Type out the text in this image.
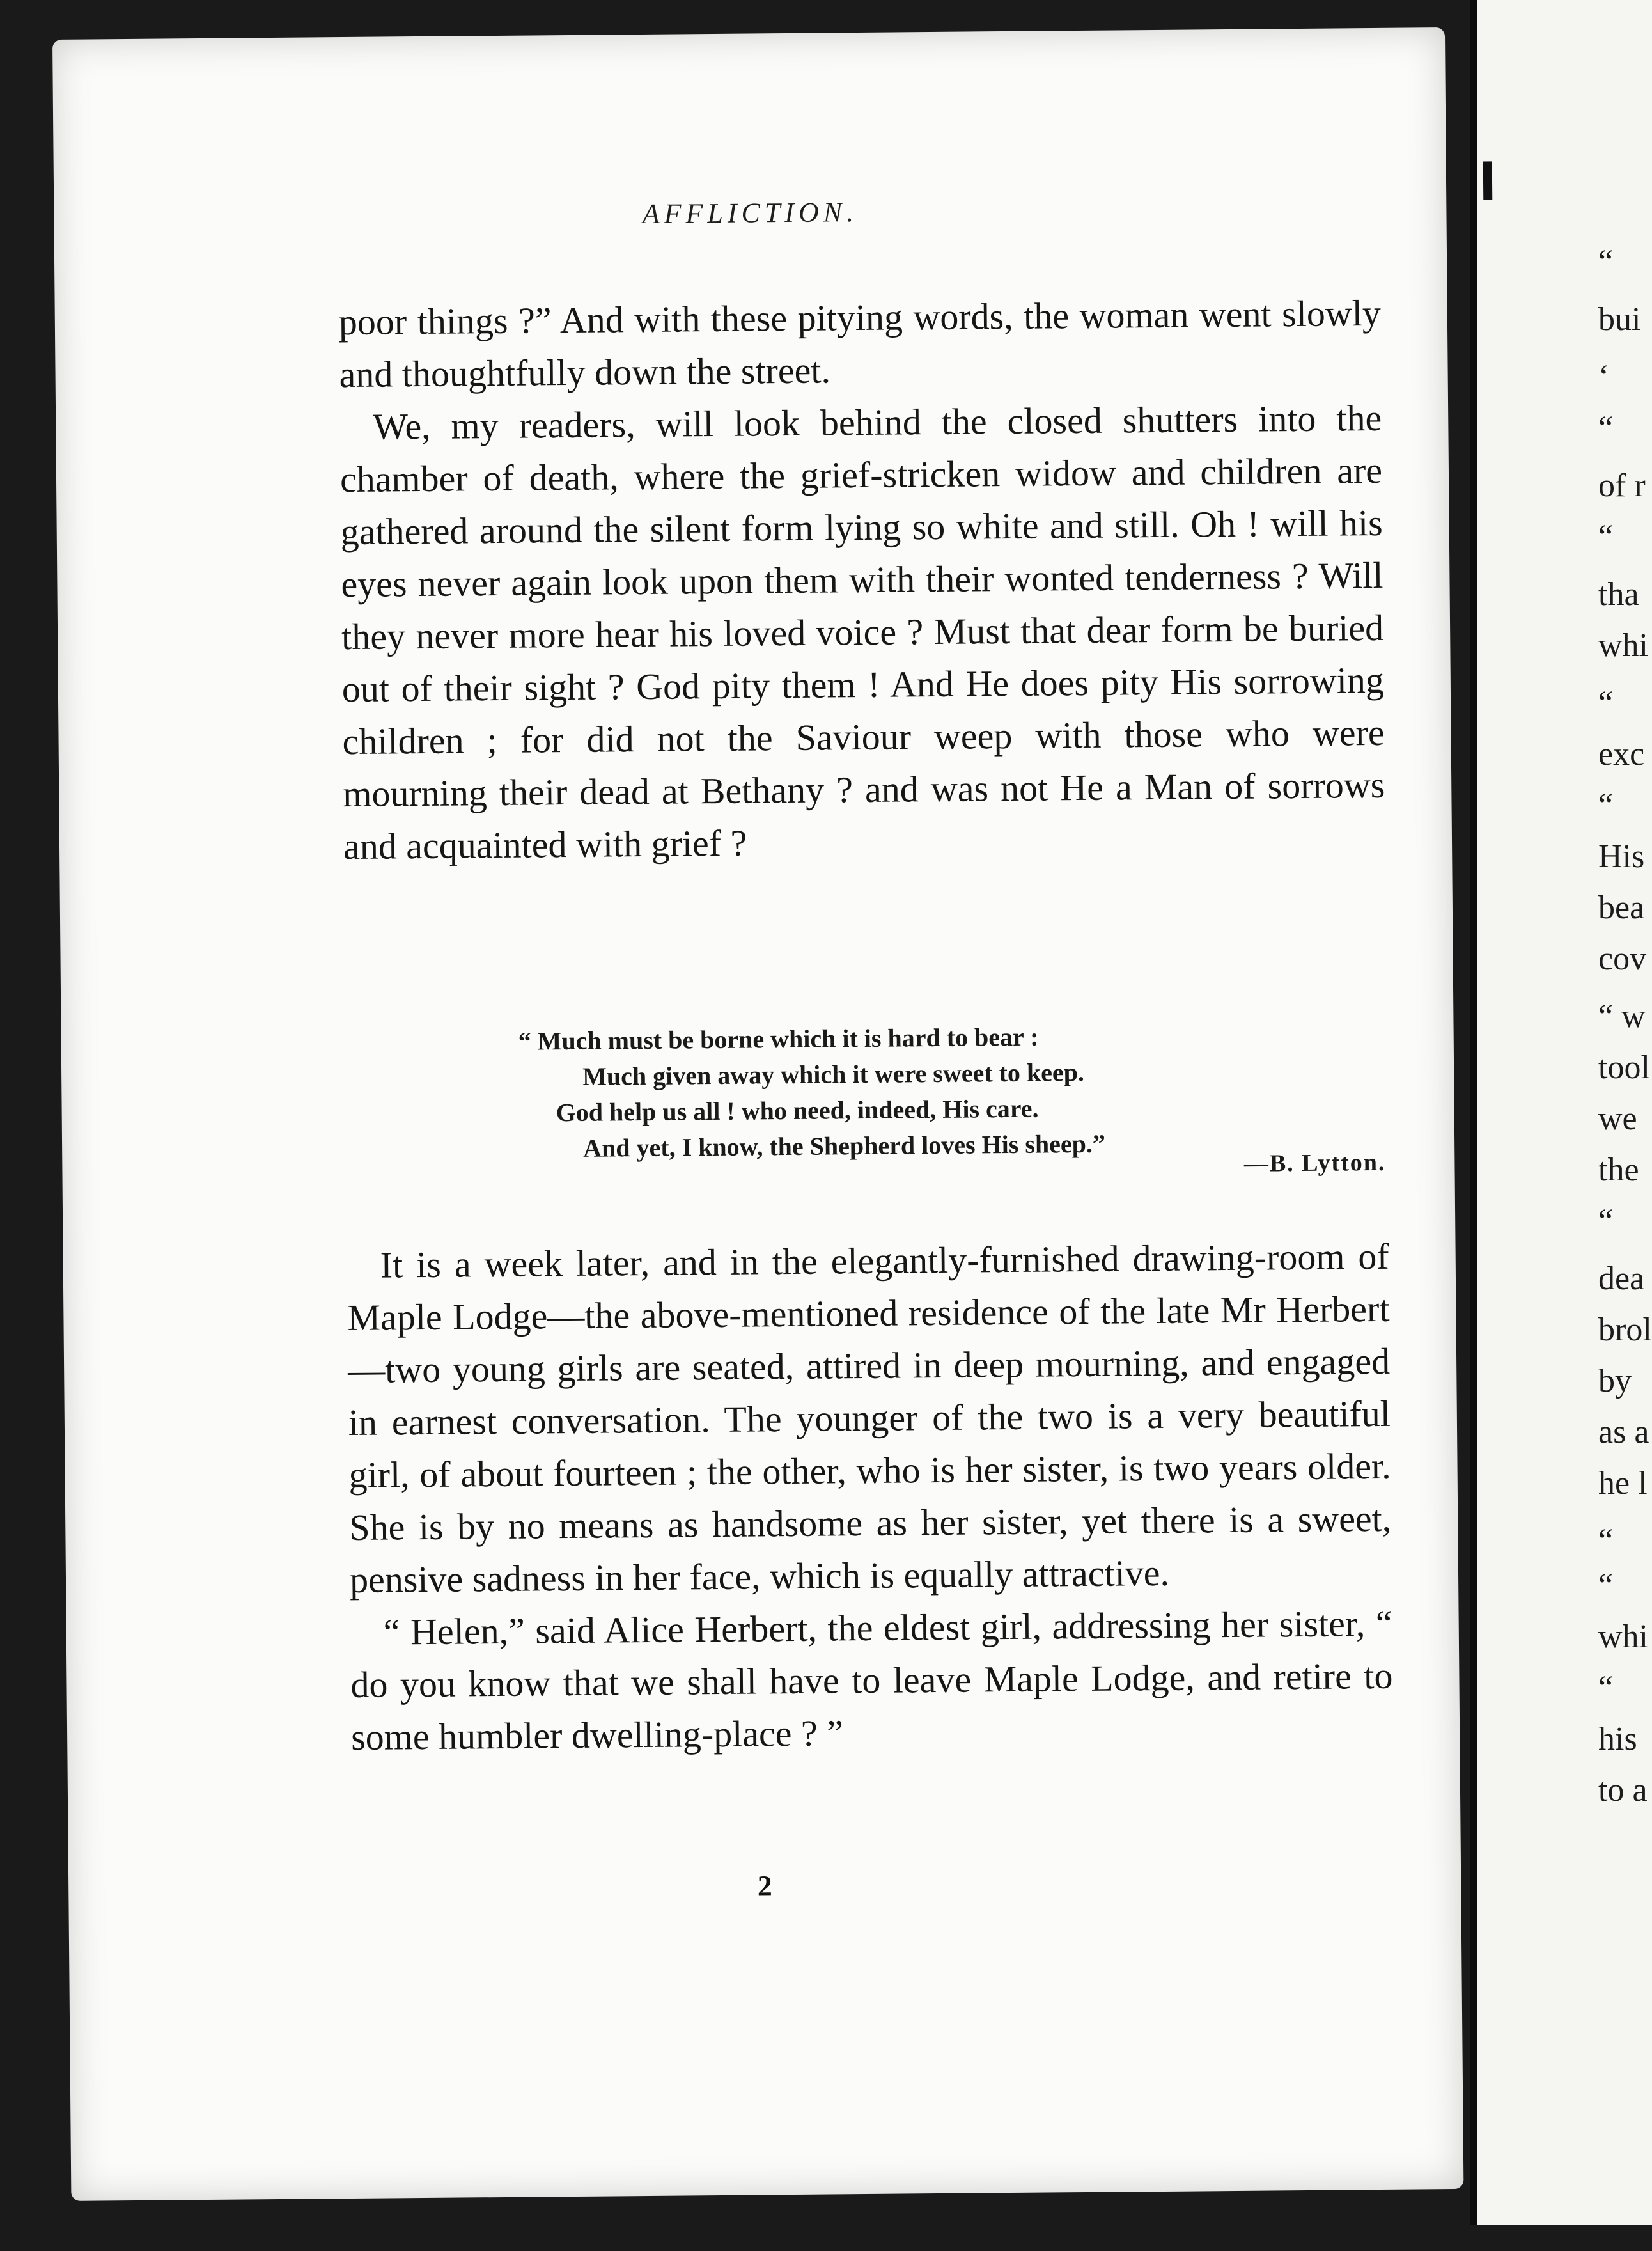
“
bui
‘
“
of r
“
tha
whi
“
exc
“
His
bea
cov
“ w
tool
we
the
“
dea
brol
by
as a
he l
“
“
whi
“
his
to a
AFFLICTION.

poor things ?” And with these pitying words, the woman went slowly and thoughtfully down the street.

We, my readers, will look behind the closed shutters into the chamber of death, where the grief-stricken widow and children are gathered around the silent form lying so white and still. Oh ! will his eyes never again look upon them with their wonted tenderness ? Will they never more hear his loved voice ? Must that dear form be buried out of their sight ? God pity them ! And He does pity His sorrowing children ; for did not the Saviour weep with those who were mourning their dead at Bethany ? and was not He a Man of sorrows and acquainted with grief ?

“ Much must be borne which it is hard to bear :
Much given away which it were sweet to keep.
God help us all ! who need, indeed, His care.
And yet, I know, the Shepherd loves His sheep.”
—B. Lytton.

It is a week later, and in the elegantly-furnished drawing-room of Maple Lodge—the above-mentioned residence of the late Mr Herbert—two young girls are seated, attired in deep mourning, and engaged in earnest conversation. The younger of the two is a very beautiful girl, of about fourteen ; the other, who is her sister, is two years older. She is by no means as handsome as her sister, yet there is a sweet, pensive sadness in her face, which is equally attractive.

“ Helen,” said Alice Herbert, the eldest girl, addressing her sister, “ do you know that we shall have to leave Maple Lodge, and retire to some humbler dwelling-place ? ”

2
